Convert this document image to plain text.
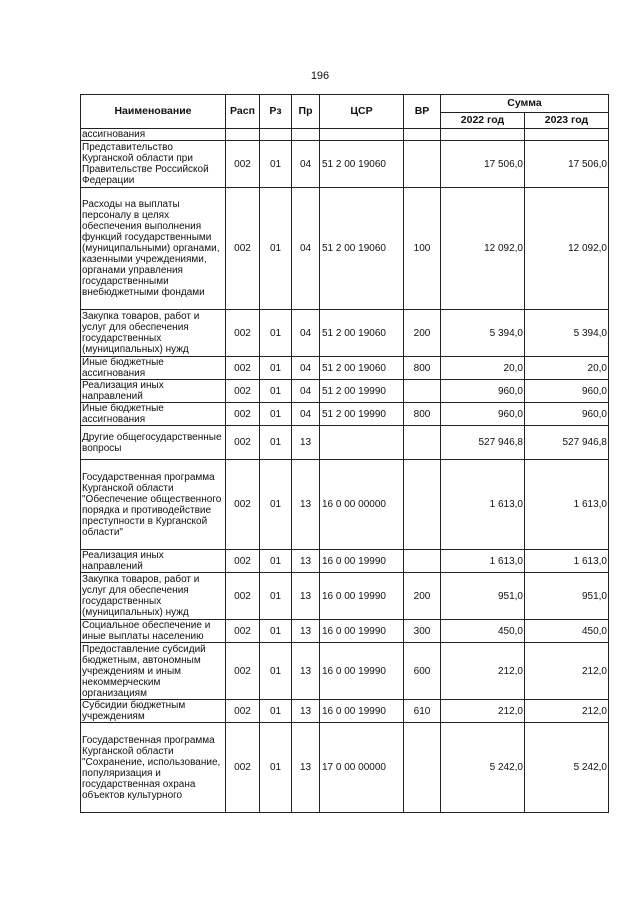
196
Наименование	Расп	Рз	Пр	ЦСР	ВР	Сумма	
						2022 год	2023 год
ассигнования							
Представительство Курганской области при Правительстве Российской Федерации	002	01	04	51 2 00 19060		17 506,0	17 506,0
Расходы на выплаты персоналу в целях обеспечения выполнения функций государственными (муниципальными) органами, казенными учреждениями, органами управления государственными внебюджетными фондами	002	01	04	51 2 00 19060	100	12 092,0	12 092,0
Закупка товаров, работ и услуг для обеспечения государственных (муниципальных) нужд	002	01	04	51 2 00 19060	200	5 394,0	5 394,0
Иные бюджетные ассигнования	002	01	04	51 2 00 19060	800	20,0	20,0
Реализация иных направлений	002	01	04	51 2 00 19990		960,0	960,0
Иные бюджетные ассигнования	002	01	04	51 2 00 19990	800	960,0	960,0
Другие общегосударственные вопросы	002	01	13			527 946,8	527 946,8
Государственная программа Курганской области "Обеспечение общественного порядка и противодействие преступности в Курганской области"	002	01	13	16 0 00 00000		1 613,0	1 613,0
Реализация иных направлений	002	01	13	16 0 00 19990		1 613,0	1 613,0
Закупка товаров, работ и услуг для обеспечения государственных (муниципальных) нужд	002	01	13	16 0 00 19990	200	951,0	951,0
Социальное обеспечение и иные выплаты населению	002	01	13	16 0 00 19990	300	450,0	450,0
Предоставление субсидий бюджетным, автономным учреждениям и иным некоммерческим организациям	002	01	13	16 0 00 19990	600	212,0	212,0
Субсидии бюджетным учреждениям	002	01	13	16 0 00 19990	610	212,0	212,0
Государственная программа Курганской области "Сохранение, использование, популяризация и государственная охрана объектов культурного	002	01	13	17 0 00 00000		5 242,0	5 242,0
